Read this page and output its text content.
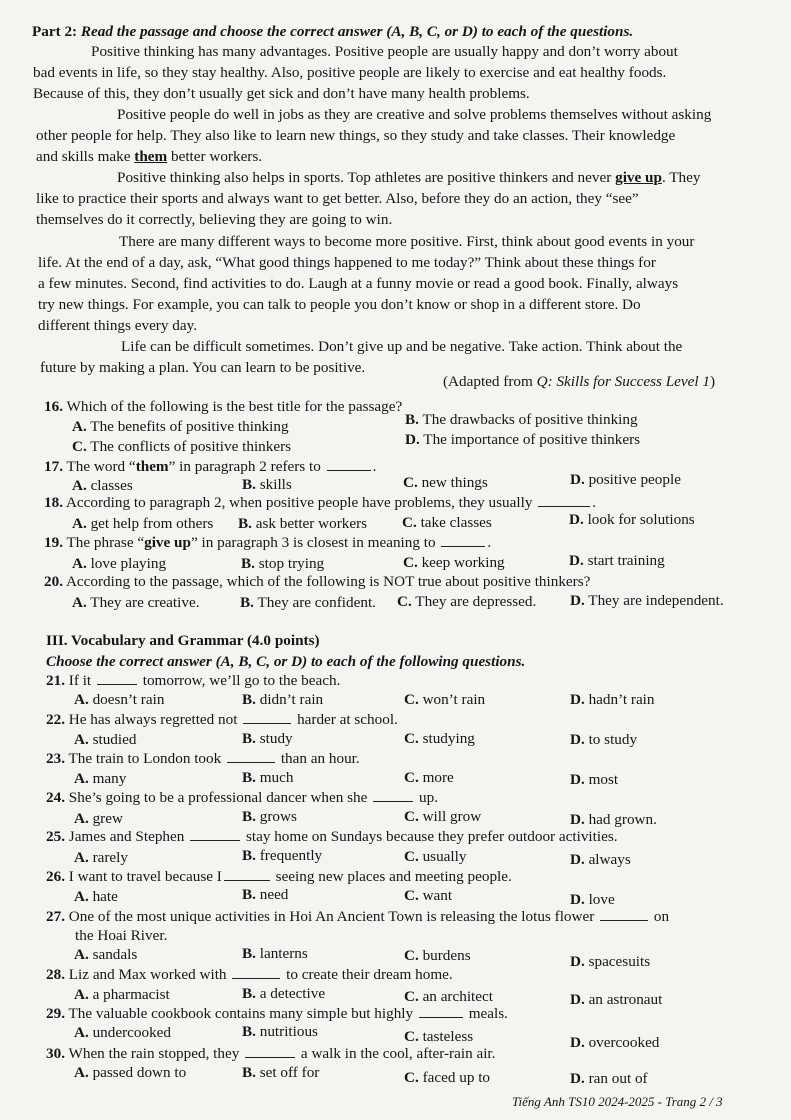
Part 2: Read the passage and choose the correct answer (A, B, C, or D) to each of the questions.
Positive thinking has many advantages. Positive people are usually happy and don’t worry about
bad events in life, so they stay healthy. Also, positive people are likely to exercise and eat healthy foods.
Because of this, they don’t usually get sick and don’t have many health problems.
Positive people do well in jobs as they are creative and solve problems themselves without asking
other people for help. They also like to learn new things, so they study and take classes. Their knowledge
and skills make them better workers.
Positive thinking also helps in sports. Top athletes are positive thinkers and never give up. They
like to practice their sports and always want to get better. Also, before they do an action, they “see”
themselves do it correctly, believing they are going to win.
There are many different ways to become more positive. First, think about good events in your
life. At the end of a day, ask, “What good things happened to me today?” Think about these things for
a few minutes. Second, find activities to do. Laugh at a funny movie or read a good book. Finally, always
try new things. For example, you can talk to people you don’t know or shop in a different store. Do
different things every day.
Life can be difficult sometimes. Don’t give up and be negative. Take action. Think about the
future by making a plan. You can learn to be positive.
(Adapted from Q: Skills for Success Level 1)
16. Which of the following is the best title for the passage?
A. The benefits of positive thinking	B. The drawbacks of positive thinking
C. The conflicts of positive thinkers	D. The importance of positive thinkers
17. The word “them” in paragraph 2 refers to	.
A. classes	B. skills	C. new things	D. positive people
18. According to paragraph 2, when positive people have problems, they usually	.
A. get help from others B. ask better workers C. take classes	D. look for solutions
19. The phrase “give up” in paragraph 3 is closest in meaning to	.
A. love playing	B. stop trying	C. keep working	D. start training
20. According to the passage, which of the following is NOT true about positive thinkers?
A. They are creative.	B. They are confident. C. They are depressed. D. They are independent.
III. Vocabulary and Grammar (4.0 points)
Choose the correct answer (A, B, C, or D) to each of the following questions.
21. If it	tomorrow, we’ll go to the beach.
A. doesn’t rain	B. didn’t rain	C. won’t rain	D. hadn’t rain
22. He has always regretted not	harder at school.
A. studied	B. study	C. studying	D. to study
23. The train to London took	than an hour.
A. many	B. much	C. more	D. most
24. She’s going to be a professional dancer when she	up.
A. grew	B. grows	C. will grow	D. had grown.
25. James and Stephen	stay home on Sundays because they prefer outdoor activities.
A. rarely	B. frequently	C. usually	D. always
26. I want to travel because I	seeing new places and meeting people.
A. hate	B. need	C. want	D. love
27. One of the most unique activities in Hoi An Ancient Town is releasing the lotus flower	on
the Hoai River.
A. sandals	B. lanterns	C. burdens	D. spacesuits
28. Liz and Max worked with	to create their dream home.
A. a pharmacist	B. a detective	C. an architect	D. an astronaut
29. The valuable cookbook contains many simple but highly	meals.
A. undercooked	B. nutritious	C. tasteless	D. overcooked
30. When the rain stopped, they	a walk in the cool, after-rain air.
A. passed down to	B. set off for	C. faced up to	D. ran out of
Tiếng Anh TS10 2024-2025 - Trang 2 / 3
